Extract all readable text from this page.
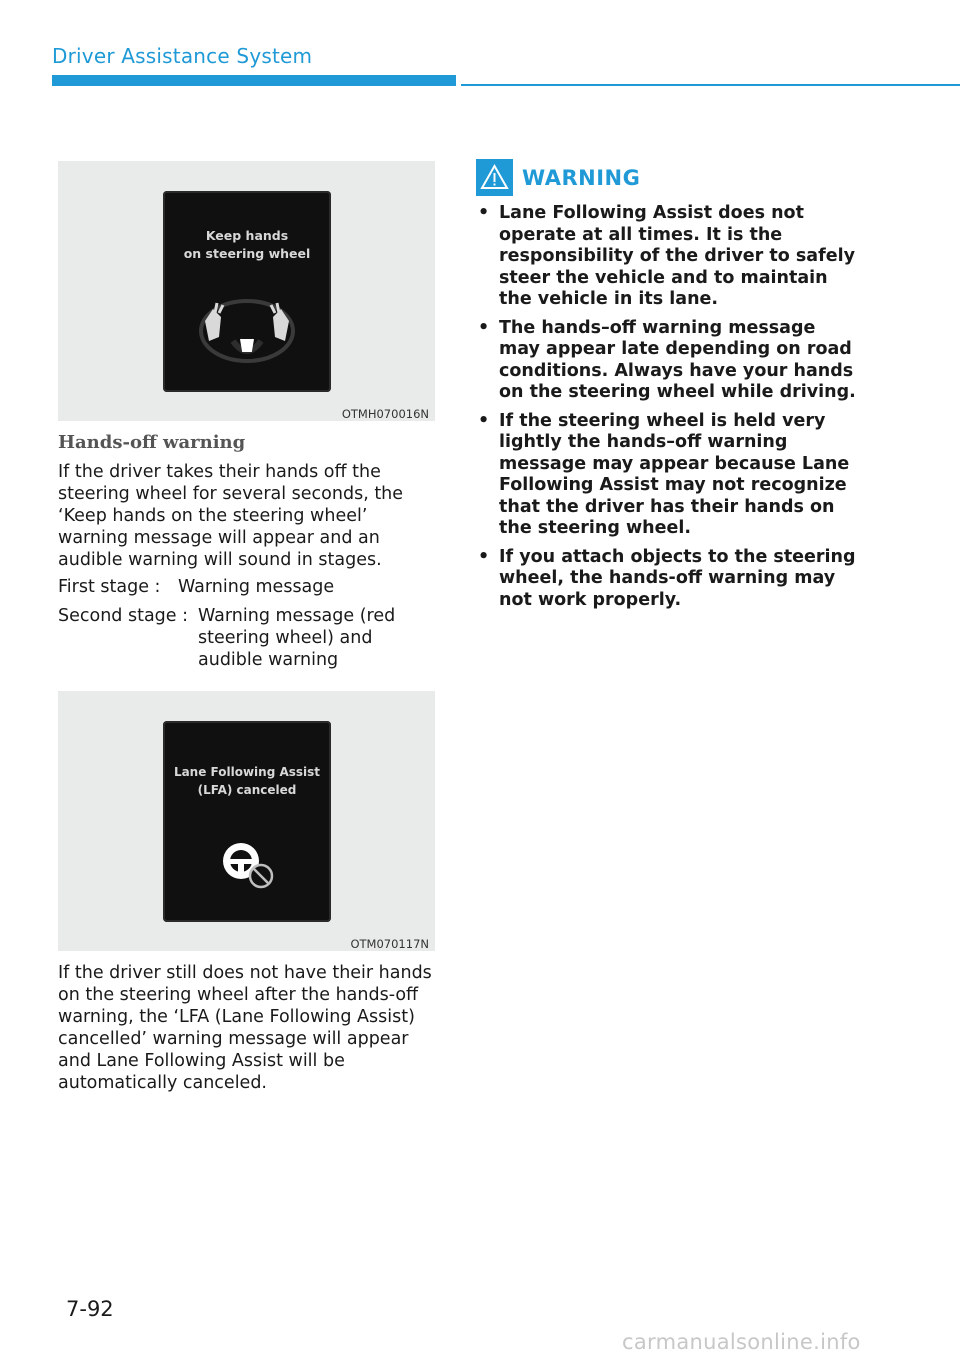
Driver Assistance System
Keep hands
on steering wheel
OTMH070016N
Hands-off warning
If the driver takes their hands off the steering wheel for several seconds, the ‘Keep hands on the steering wheel’ warning message will appear and an audible warning will sound in stages.
First stage : Warning message
Second stage : Warning message (red steering wheel) and audible warning
Lane Following Assist
(LFA) canceled
OTM070117N
If the driver still does not have their hands on the steering wheel after the hands-off warning, the ‘LFA (Lane Following Assist) cancelled’ warning message will appear and Lane Following Assist will be automatically canceled.
WARNING
• Lane Following Assist does not operate at all times. It is the responsibility of the driver to safely steer the vehicle and to maintain the vehicle in its lane.
• The hands–off warning message may appear late depending on road conditions. Always have your hands on the steering wheel while driving.
• If the steering wheel is held very lightly the hands–off warning message may appear because Lane Following Assist may not recognize that the driver has their hands on the steering wheel.
• If you attach objects to the steering wheel, the hands-off warning may not work properly.
7-92
carmanualsonline.info
